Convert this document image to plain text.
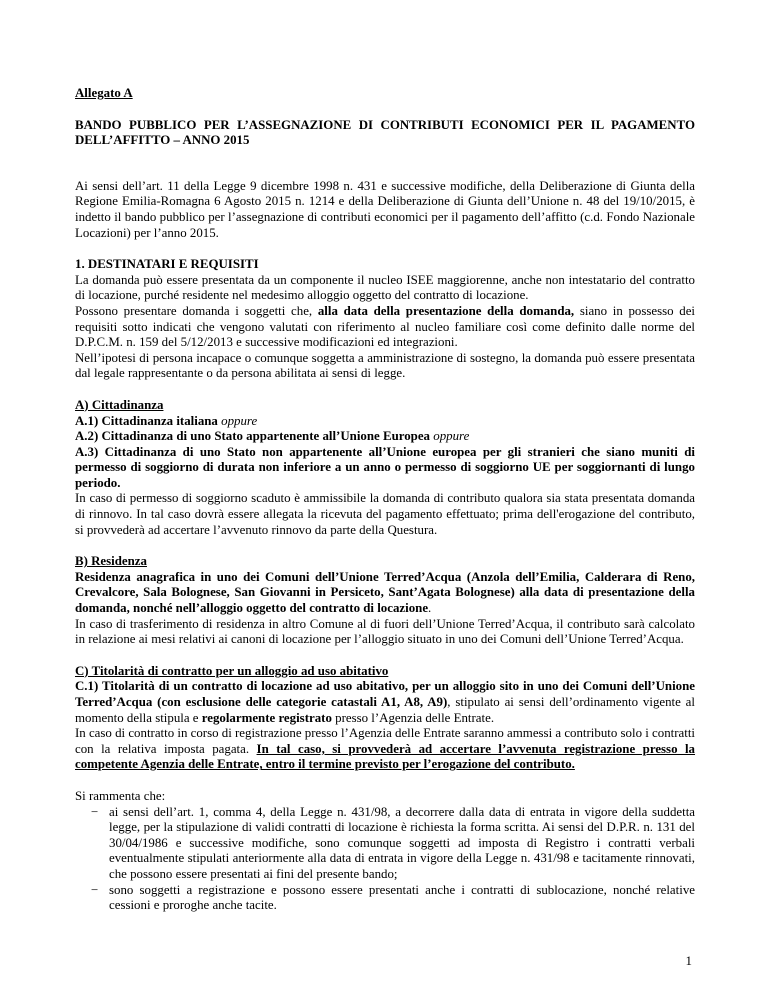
Allegato A

BANDO PUBBLICO PER L’ASSEGNAZIONE DI CONTRIBUTI ECONOMICI PER IL PAGAMENTO DELL’AFFITTO – ANNO 2015

Ai sensi dell’art. 11 della Legge 9 dicembre 1998 n. 431 e successive modifiche, della Deliberazione di Giunta della Regione Emilia-Romagna 6 Agosto 2015 n. 1214 e della Deliberazione di Giunta dell’Unione n. 48 del 19/10/2015, è indetto il bando pubblico per l’assegnazione di contributi economici per il pagamento dell’affitto (c.d. Fondo Nazionale Locazioni) per l’anno 2015.

1. DESTINATARI E REQUISITI

La domanda può essere presentata da un componente il nucleo ISEE maggiorenne, anche non intestatario del contratto di locazione, purché residente nel medesimo alloggio oggetto del contratto di locazione.

Possono presentare domanda i soggetti che, alla data della presentazione della domanda, siano in possesso dei requisiti sotto indicati che vengono valutati con riferimento al nucleo familiare così come definito dalle norme del D.P.C.M. n. 159 del 5/12/2013 e successive modificazioni ed integrazioni.

Nell’ipotesi di persona incapace o comunque soggetta a amministrazione di sostegno, la domanda può essere presentata dal legale rappresentante o da persona abilitata ai sensi di legge.

A) Cittadinanza

A.1) Cittadinanza italiana oppure

A.2) Cittadinanza di uno Stato appartenente all’Unione Europea oppure

A.3) Cittadinanza di uno Stato non appartenente all’Unione europea per gli stranieri che siano muniti di permesso di soggiorno di durata non inferiore a un anno o permesso di soggiorno UE per soggiornanti di lungo periodo.

In caso di permesso di soggiorno scaduto è ammissibile la domanda di contributo qualora sia stata presentata domanda di rinnovo. In tal caso dovrà essere allegata la ricevuta del pagamento effettuato; prima dell'erogazione del contributo, si provvederà ad accertare l’avvenuto rinnovo da parte della Questura.

B) Residenza

Residenza anagrafica in uno dei Comuni dell’Unione Terred’Acqua (Anzola dell’Emilia, Calderara di Reno, Crevalcore, Sala Bolognese, San Giovanni in Persiceto, Sant’Agata Bolognese) alla data di presentazione della domanda, nonché nell’alloggio oggetto del contratto di locazione.

In caso di trasferimento di residenza in altro Comune al di fuori dell’Unione Terred’Acqua, il contributo sarà calcolato in relazione ai mesi relativi ai canoni di locazione per l’alloggio situato in uno dei Comuni dell’Unione Terred’Acqua.

C) Titolarità di contratto per un alloggio ad uso abitativo

C.1) Titolarità di un contratto di locazione ad uso abitativo, per un alloggio sito in uno dei Comuni dell’Unione Terred’Acqua (con esclusione delle categorie catastali A1, A8, A9), stipulato ai sensi dell’ordinamento vigente al momento della stipula e regolarmente registrato presso l’Agenzia delle Entrate.

In caso di contratto in corso di registrazione presso l’Agenzia delle Entrate saranno ammessi a contributo solo i contratti con la relativa imposta pagata. In tal caso, si provvederà ad accertare l’avvenuta registrazione presso la competente Agenzia delle Entrate, entro il termine previsto per l’erogazione del contributo.

Si rammenta che:

− ai sensi dell’art. 1, comma 4, della Legge n. 431/98, a decorrere dalla data di entrata in vigore della suddetta legge, per la stipulazione di validi contratti di locazione è richiesta la forma scritta. Ai sensi del D.P.R. n. 131 del 30/04/1986 e successive modifiche, sono comunque soggetti ad imposta di Registro i contratti verbali eventualmente stipulati anteriormente alla data di entrata in vigore della Legge n. 431/98 e tacitamente rinnovati, che possono essere presentati ai fini del presente bando;
− sono soggetti a registrazione e possono essere presentati anche i contratti di sublocazione, nonché relative cessioni e proroghe anche tacite.
1
